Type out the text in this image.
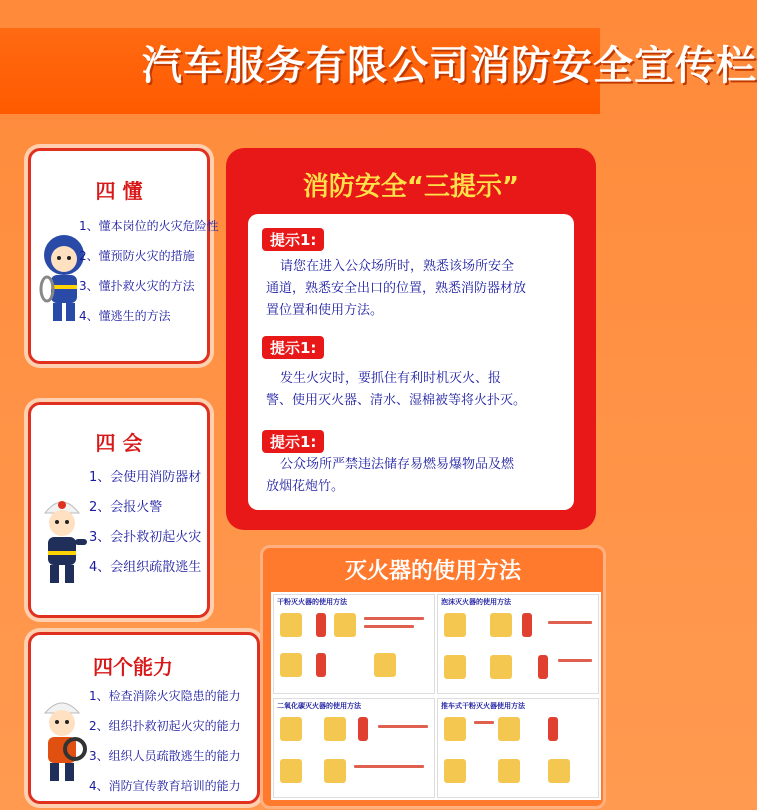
汽车服务有限公司消防安全宣传栏
四 懂
1、懂本岗位的火灾危险性
2、懂预防火灾的措施
3、懂扑救火灾的方法
4、懂逃生的方法
四 会
1、会使用消防器材
2、会报火警
3、会扑救初起火灾
4、会组织疏散逃生
四个能力
1、检查消除火灾隐患的能力
2、组织扑救初起火灾的能力
3、组织人员疏散逃生的能力
4、消防宣传教育培训的能力
消防安全“三提示”
提示1:
请您在进入公众场所时，熟悉该场所安全
通道，熟悉安全出口的位置，熟悉消防器材放
置位置和使用方法。
提示1:
发生火灾时，要抓住有利时机灭火、报
警、使用灭火器、清水、湿棉被等将火扑灭。
提示1:
公众场所严禁违法储存易燃易爆物品及燃
放烟花炮竹。
灭火器的使用方法
干粉灭火器的使用方法	泡沫灭火器的使用方法
二氧化碳灭火器的使用方法	推车式干粉灭火器使用方法
